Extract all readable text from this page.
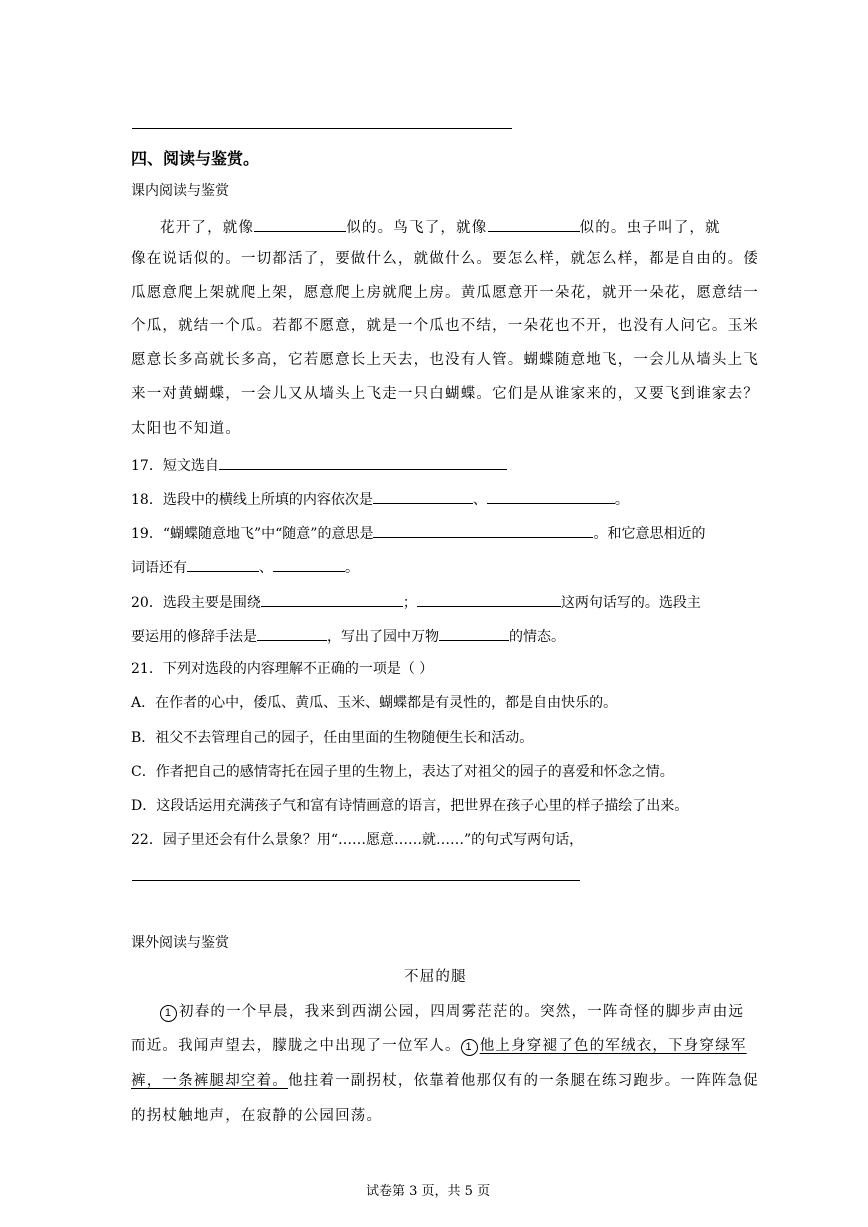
四、阅读与鉴赏。
课内阅读与鉴赏
花开了，就像	似的。鸟飞了，就像	似的。虫子叫了，就
像在说话似的。一切都活了，要做什么，就做什么。要怎么样，就怎么样，都是自由的。倭
瓜愿意爬上架就爬上架，愿意爬上房就爬上房。黄瓜愿意开一朵花，就开一朵花，愿意结一
个瓜，就结一个瓜。若都不愿意，就是一个瓜也不结，一朵花也不开，也没有人问它。玉米
愿意长多高就长多高，它若愿意长上天去，也没有人管。蝴蝶随意地飞，一会儿从墙头上飞
来一对黄蝴蝶，一会儿又从墙头上飞走一只白蝴蝶。它们是从谁家来的，又要飞到谁家去？
太阳也不知道。
17．短文选自
18．选段中的横线上所填的内容依次是	、	。
19．“蝴蝶随意地飞”中“随意”的意思是	。和它意思相近的
词语还有	、	。
20．选段主要是围绕	；	这两句话写的。选段主
要运用的修辞手法是	，写出了园中万物	的情态。
21．下列对选段的内容理解不正确的一项是（ ）
A．在作者的心中，倭瓜、黄瓜、玉米、蝴蝶都是有灵性的，都是自由快乐的。
B．祖父不去管理自己的园子，任由里面的生物随便生长和活动。
C．作者把自己的感情寄托在园子里的生物上，表达了对祖父的园子的喜爱和怀念之情。
D．这段话运用充满孩子气和富有诗情画意的语言，把世界在孩子心里的样子描绘了出来。
22．园子里还会有什么景象？用“……愿意……就……”的句式写两句话，
课外阅读与鉴赏
不屈的腿
1 初春的一个早晨，我来到西湖公园，四周雾茫茫的。突然，一阵奇怪的脚步声由远
而近。我闻声望去，朦胧之中出现了一位军人。 1 他上身穿褪了色的军绒衣，下身穿绿军
裤，一条裤腿却空着。他拄着一副拐杖，依靠着他那仅有的一条腿在练习跑步。一阵阵急促
的拐杖触地声，在寂静的公园回荡。
试卷第 3 页，共 5 页
